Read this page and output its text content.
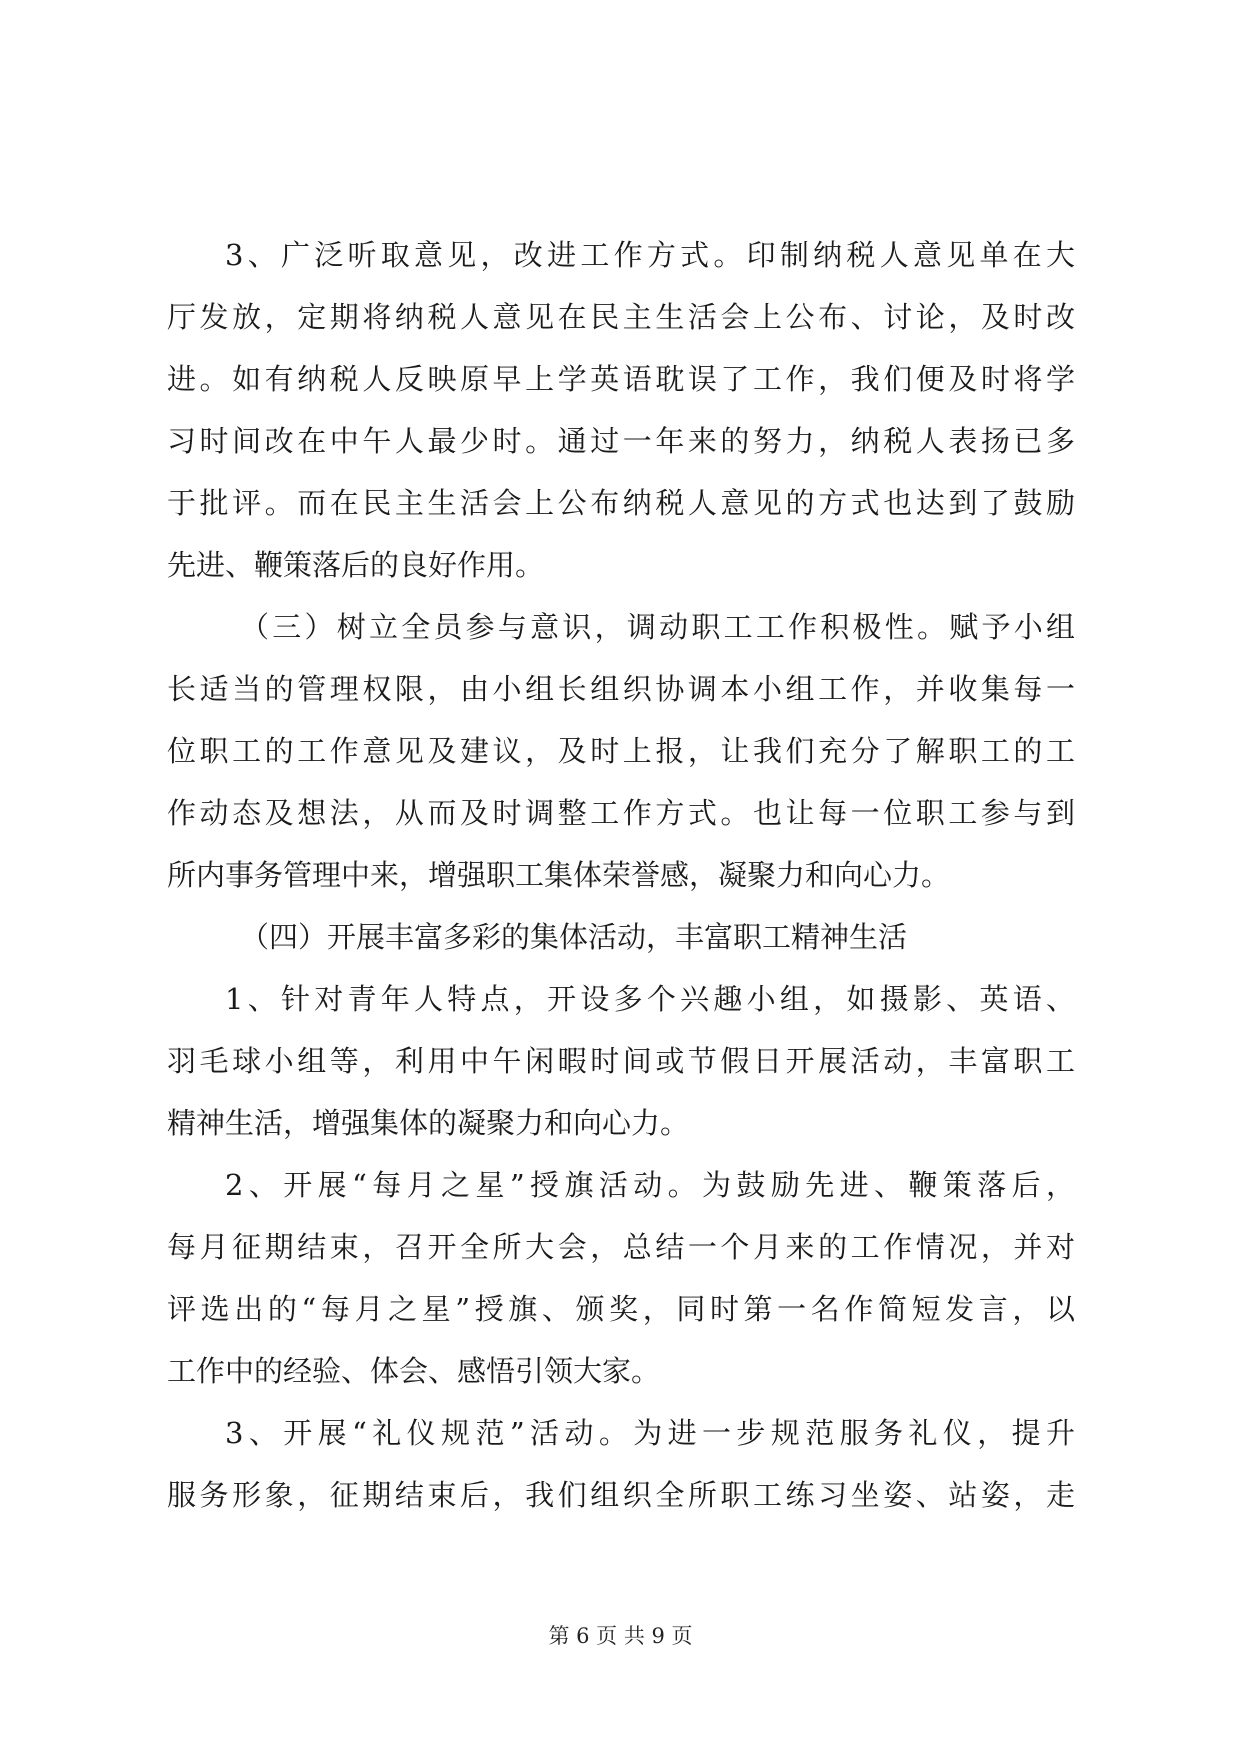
3、广泛听取意见，改进工作方式。印制纳税人意见单在大
厅发放，定期将纳税人意见在民主生活会上公布、讨论，及时改
进。如有纳税人反映原早上学英语耽误了工作，我们便及时将学
习时间改在中午人最少时。通过一年来的努力，纳税人表扬已多
于批评。而在民主生活会上公布纳税人意见的方式也达到了鼓励
先进、鞭策落后的良好作用。
（三）树立全员参与意识，调动职工工作积极性。赋予小组
长适当的管理权限，由小组长组织协调本小组工作，并收集每一
位职工的工作意见及建议，及时上报，让我们充分了解职工的工
作动态及想法，从而及时调整工作方式。也让每一位职工参与到
所内事务管理中来，增强职工集体荣誉感，凝聚力和向心力。
（四）开展丰富多彩的集体活动，丰富职工精神生活
1、针对青年人特点，开设多个兴趣小组，如摄影、英语、
羽毛球小组等，利用中午闲暇时间或节假日开展活动，丰富职工
精神生活，增强集体的凝聚力和向心力。
2、开展“每月之星”授旗活动。为鼓励先进、鞭策落后，
每月征期结束，召开全所大会，总结一个月来的工作情况，并对
评选出的“每月之星”授旗、颁奖，同时第一名作简短发言，以
工作中的经验、体会、感悟引领大家。
3、开展“礼仪规范”活动。为进一步规范服务礼仪，提升
服务形象，征期结束后，我们组织全所职工练习坐姿、站姿，走
第 6 页 共 9 页
